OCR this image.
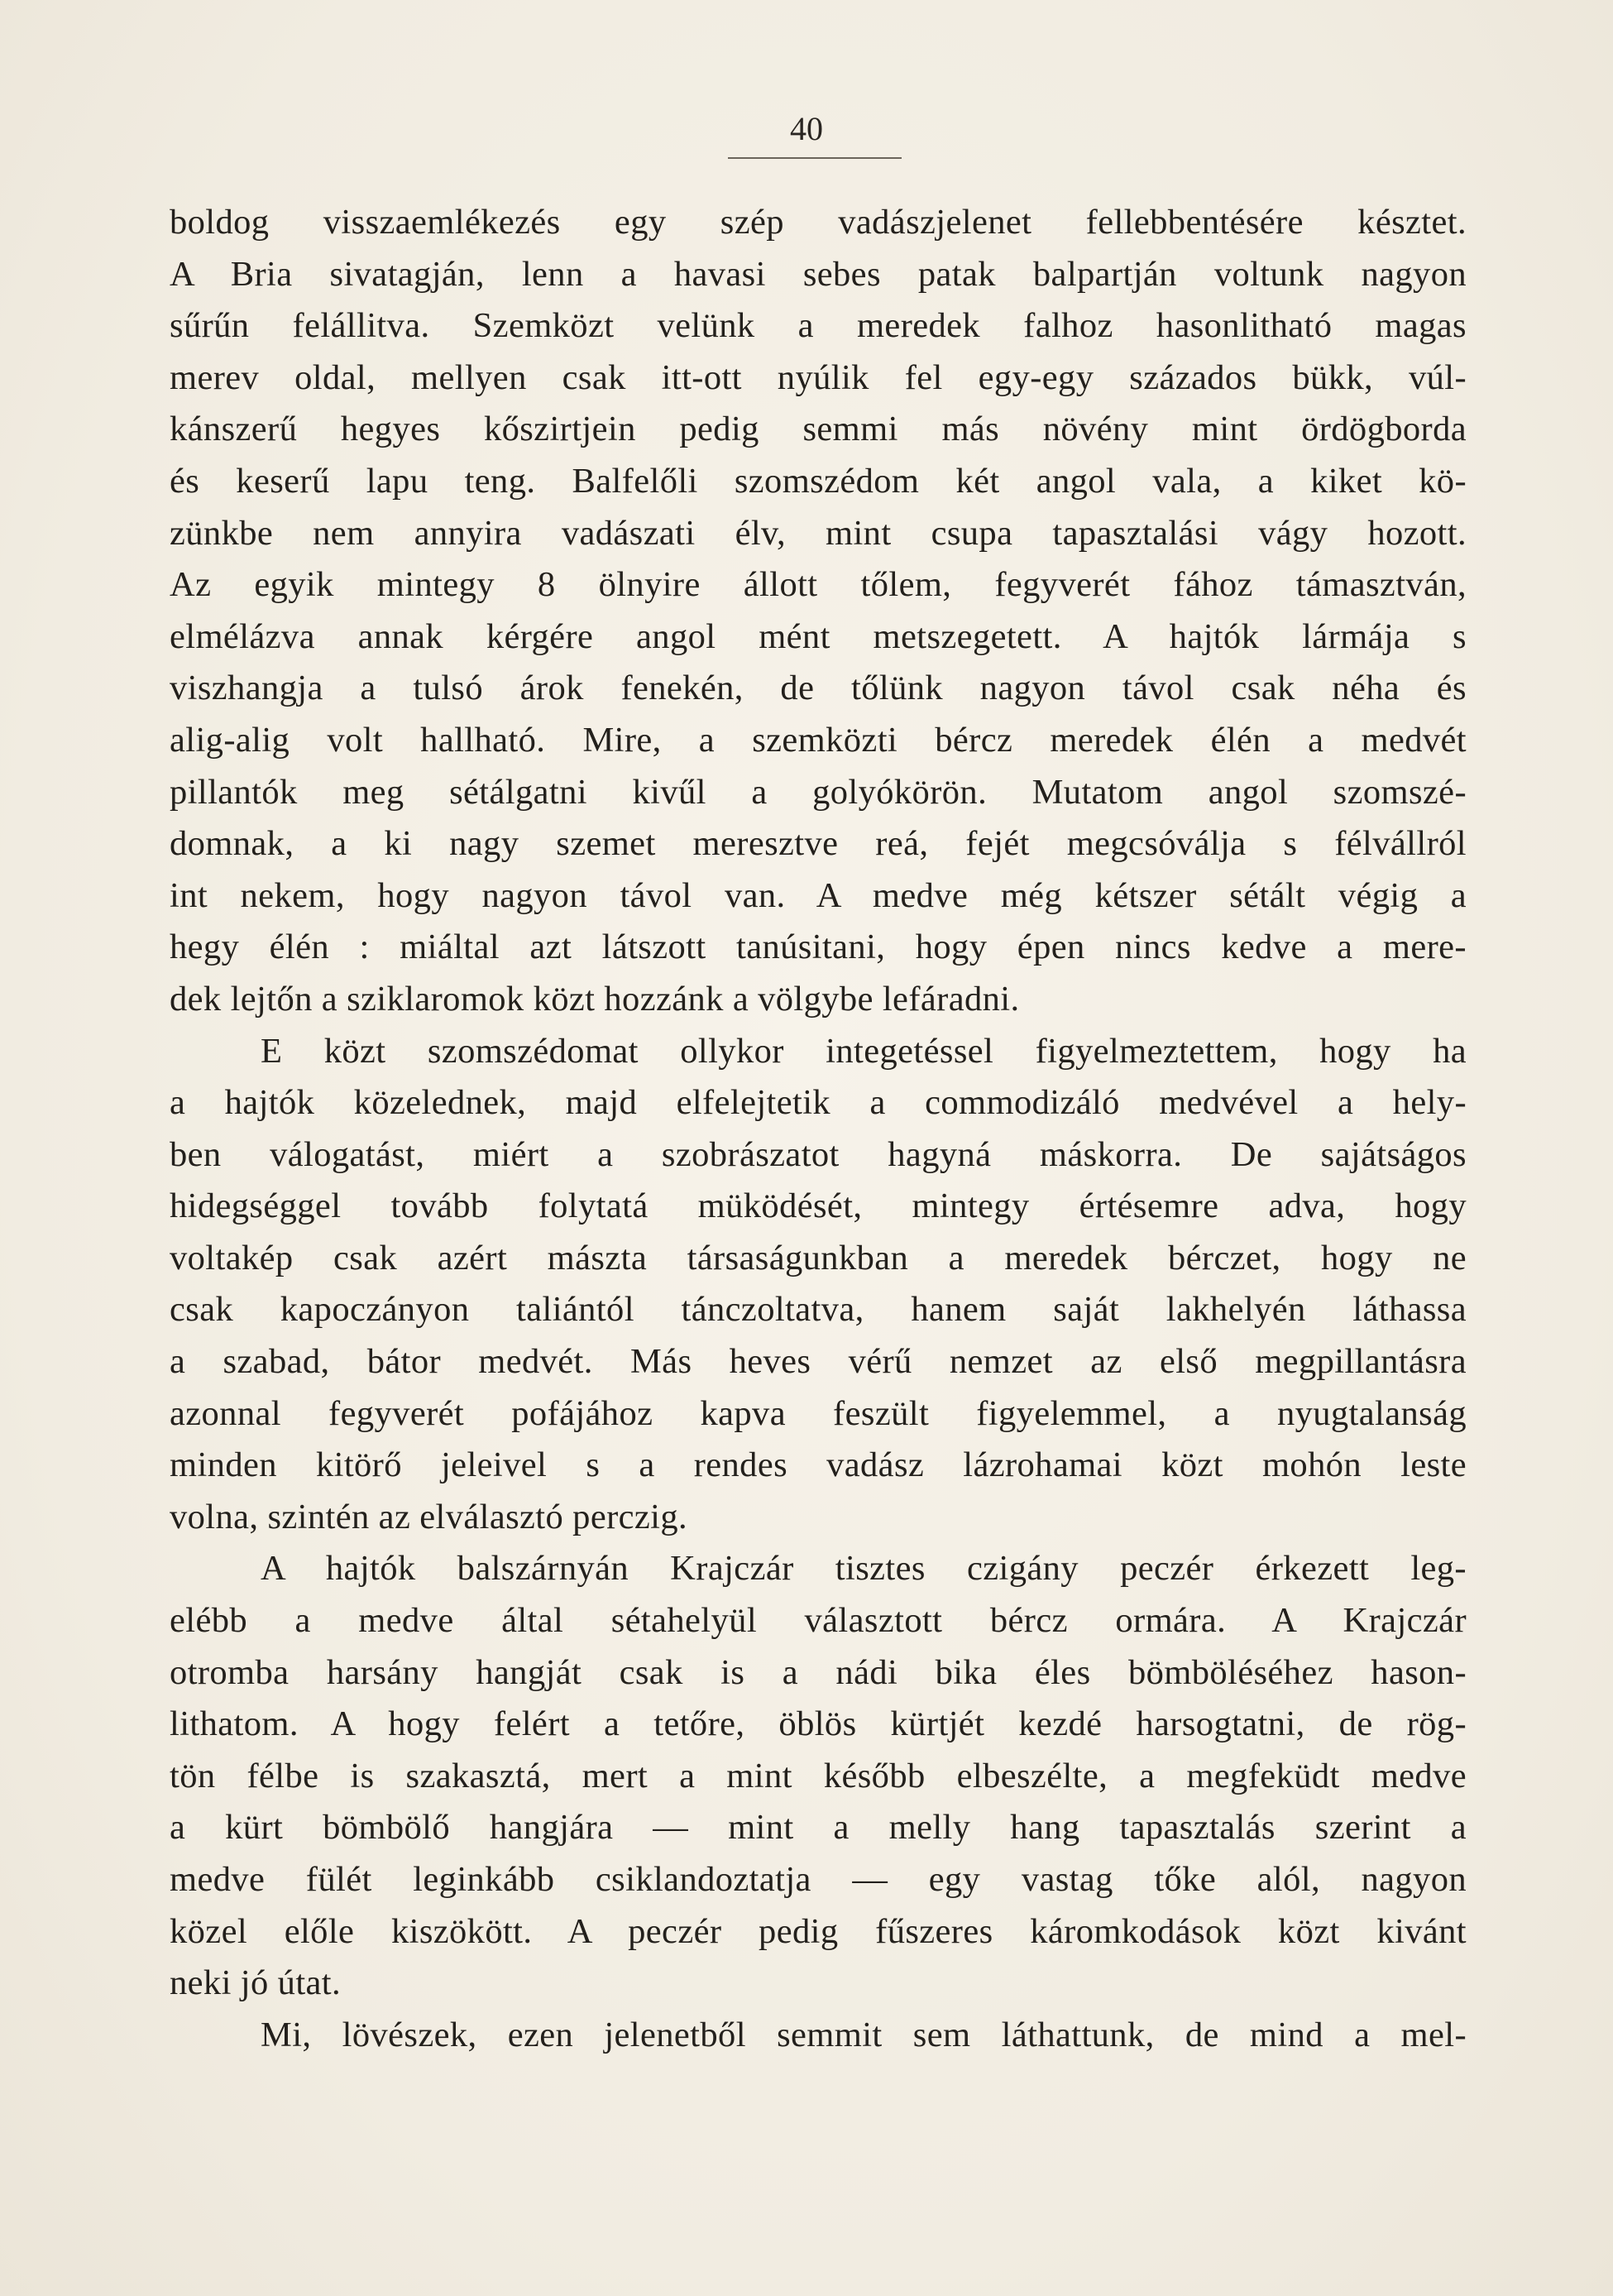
40
boldog visszaemlékezés egy szép vadászjelenet fellebbentésére késztet.
A Bria sivatagján, lenn a havasi sebes patak balpartján voltunk nagyon
sűrűn felállitva. Szemközt velünk a meredek falhoz hasonlitható magas
merev oldal, mellyen csak itt-ott nyúlik fel egy-egy százados bükk, vúl-
kánszerű hegyes kőszirtjein pedig semmi más növény mint ördögborda
és keserű lapu teng. Balfelőli szomszédom két angol vala, a kiket kö-
zünkbe nem annyira vadászati élv, mint csupa tapasztalási vágy hozott.
Az egyik mintegy 8 ölnyire állott tőlem, fegyverét fához támasztván,
elmélázva annak kérgére angol mént metszegetett. A hajtók lármája s
viszhangja a tulsó árok fenekén, de tőlünk nagyon távol csak néha és
alig-alig volt hallható. Mire, a szemközti bércz meredek élén a medvét
pillantók meg sétálgatni kivűl a golyókörön. Mutatom angol szomszé-
domnak, a ki nagy szemet meresztve reá, fejét megcsóválja s félvállról
int nekem, hogy nagyon távol van. A medve még kétszer sétált végig a
hegy élén : miáltal azt látszott tanúsitani, hogy épen nincs kedve a mere-
dek lejtőn a sziklaromok közt hozzánk a völgybe lefáradni.
E közt szomszédomat ollykor integetéssel figyelmeztettem, hogy ha
a hajtók közelednek, majd elfelejtetik a commodizáló medvével a hely-
ben válogatást, miért a szobrászatot hagyná máskorra. De sajátságos
hidegséggel tovább folytatá müködését, mintegy értésemre adva, hogy
voltakép csak azért mászta társaságunkban a meredek bérczet, hogy ne
csak kapoczányon taliántól tánczoltatva, hanem saját lakhelyén láthassa
a szabad, bátor medvét. Más heves vérű nemzet az első megpillantásra
azonnal fegyverét pofájához kapva feszült figyelemmel, a nyugtalanság
minden kitörő jeleivel s a rendes vadász lázrohamai közt mohón leste
volna, szintén az elválasztó perczig.
A hajtók balszárnyán Krajczár tisztes czigány peczér érkezett leg-
elébb a medve által sétahelyül választott bércz ormára. A Krajczár
otromba harsány hangját csak is a nádi bika éles bömböléséhez hason-
lithatom. A hogy felért a tetőre, öblös kürtjét kezdé harsogtatni, de rög-
tön félbe is szakasztá, mert a mint később elbeszélte, a megfeküdt medve
a kürt bömbölő hangjára — mint a melly hang tapasztalás szerint a
medve fülét leginkább csiklandoztatja — egy vastag tőke alól, nagyon
közel előle kiszökött. A peczér pedig fűszeres káromkodások közt kivánt
neki jó útat.
Mi, lövészek, ezen jelenetből semmit sem láthattunk, de mind a mel-
